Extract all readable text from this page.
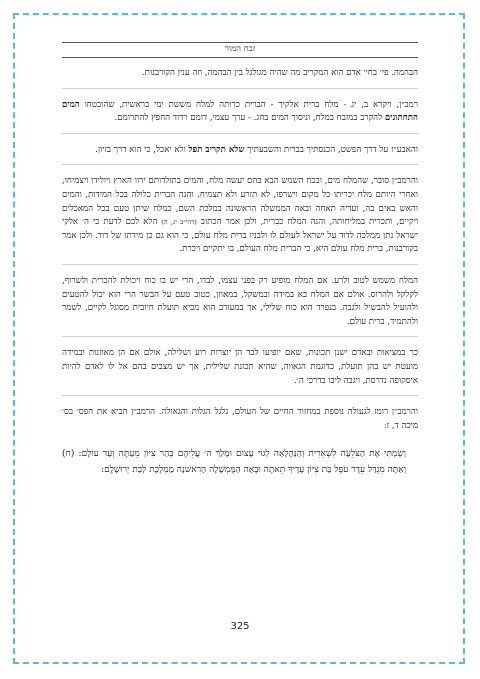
זבח המור
הבהמה. פי׳ בחי׳ אדם הוא המקריב מה שהיה מגולגל בין הבהמה, וזה ענין הקורבנות.
רמב״ן, ויקרא ב, יג - מלח ברית אלקיך - הברית כרותה למלח מששת ימי בראשית, שהובטחו המים התחתונים להקרב במזבח במלח, וניסוך המים בחג. - ערך עצמי, דומם רדוד החפץ להתרומם.
והאבע״ז על דרך הפשט, הכנסתיך בברית והשבעתיך שלא תקריב תפל ולא יאכל, כי הוא דרך בזיון.
והרמב״ן סובר, שהמלח מים, ובכח השמש הבא בהם יעשה מלח, והמים בתולדותם ירוו הארץ ויולידו ויצמיחו, ואחרי היותם מלח יכריתו כל מקום וישרפו, לא תזרע ולא תצמיח. והנה הברית כלולה בכל המידות, והמים והאש באים בה, ועדיה תאחה ובאה הממשלה הראשונה במלכת השם, כמלח שיתן טעם בכל המאכלים ויקיים, ותכרית במליחותה, והנה המלח כברית, ולכן אמר הכתוב (דהי״ב יג, ה) הלא לכם לדעת כי ה׳ אלקי ישראל נתן ממלכה לדוד על ישראל לעולם לו ולבניו ברית מלח עולם, כי הוא גם כן מידתו של דוד. ולכן אמר בקורבנות, ברית מלח עולם היא, כי הברית מלח העולם, בו יתקיים ויכרת.
המלח משמש לטוב ולרע. אם המלח מופיע רק בפני עצמו, לבדו, הרי יש בו כוח ויכולת להכרית ולשרוף, לקלקל ולהרוס. אולם אם המלח בא במידה ובמשקל, במאוזן, כטוב טעם על הבשר הרי הוא יכול להטעים ולהועיל להבשיל ולגבה. בנפרד הוא כוח שלילי, אך במעורב הוא מביא תועלת חיובית מסוגל לקיים, לשמר ולהתמיד, ברית עולם.
כך במציאות ובאדם ישנן תכונות, שאם יופיעו לבד הן יוצרות רוע ושלילה, אולם אם הן מאוזנות ובמידה מועטת יש בהן תועלת, כדוגמת הגאווה, שהיא תכונת שלילית, אך יש מצבים בהם אל לו לאדם להיות איסקופה נדרסת, ויגבה ליבו בדרכי ה׳.
והרמב״ן רומז לגעולה נוספת במחזור החיים של העולם, גלגל הגלות והגאולה. הרמב״ן הביא את הפס׳ בס׳ מיכה ד, ז:
וְשַׂמְתִּי אֶת הַצֹּלֵעָה לִשְׁאֵרִית וְהַנַּהֲלָאָה לְגוֹי עָצוּם וּמָלַךְ ה׳ עֲלֵיהֶם בְּהַר צִיּוֹן מֵעַתָּה וְעַד עוֹלָם: (ח) וְאַתָּה מִגְדַּל עֵדֶר עֹפֶל בַּת צִיּוֹן עָדֶיךָ תֵּאתֶה וּבָאָה הַמֶּמְשָׁלָה הָרִאשֹׁנָה מַמְלֶכֶת לְבַת יְרוּשָׁלִָם:
325
